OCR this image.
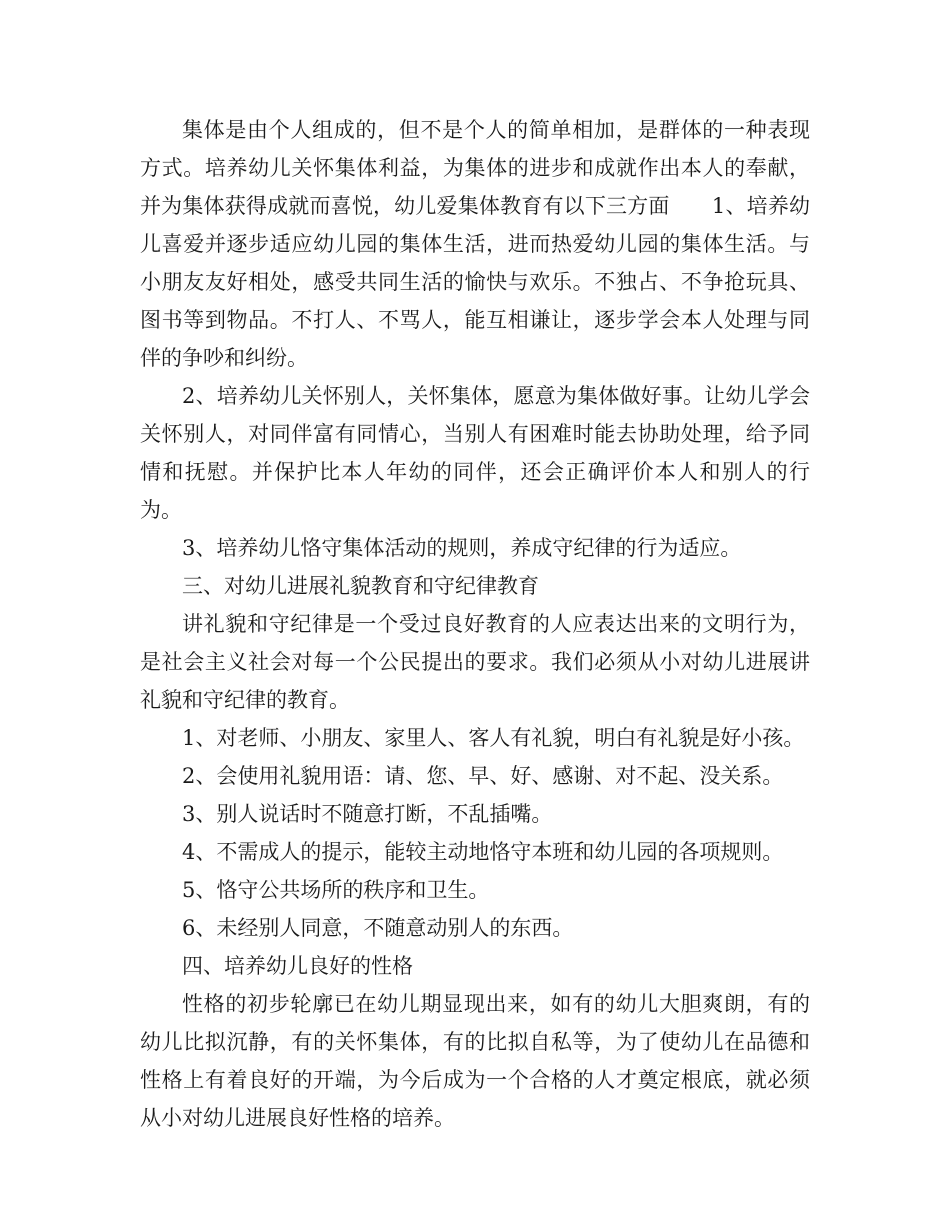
集体是由个人组成的，但不是个人的简单相加，是群体的一种表现方式。培养幼儿关怀集体利益，为集体的进步和成就作出本人的奉献，并为集体获得成就而喜悦，幼儿爱集体教育有以下三方面　　1、培养幼儿喜爱并逐步适应幼儿园的集体生活，进而热爱幼儿园的集体生活。与小朋友友好相处，感受共同生活的愉快与欢乐。不独占、不争抢玩具、图书等到物品。不打人、不骂人，能互相谦让，逐步学会本人处理与同伴的争吵和纠纷。

2、培养幼儿关怀别人，关怀集体，愿意为集体做好事。让幼儿学会关怀别人，对同伴富有同情心，当别人有困难时能去协助处理，给予同情和抚慰。并保护比本人年幼的同伴，还会正确评价本人和别人的行为。

3、培养幼儿恪守集体活动的规则，养成守纪律的行为适应。

三、对幼儿进展礼貌教育和守纪律教育

讲礼貌和守纪律是一个受过良好教育的人应表达出来的文明行为，是社会主义社会对每一个公民提出的要求。我们必须从小对幼儿进展讲礼貌和守纪律的教育。

1、对老师、小朋友、家里人、客人有礼貌，明白有礼貌是好小孩。

2、会使用礼貌用语：请、您、早、好、感谢、对不起、没关系。

3、别人说话时不随意打断，不乱插嘴。

4、不需成人的提示，能较主动地恪守本班和幼儿园的各项规则。

5、恪守公共场所的秩序和卫生。

6、未经别人同意，不随意动别人的东西。

四、培养幼儿良好的性格

性格的初步轮廓已在幼儿期显现出来，如有的幼儿大胆爽朗，有的幼儿比拟沉静，有的关怀集体，有的比拟自私等，为了使幼儿在品德和性格上有着良好的开端，为今后成为一个合格的人才奠定根底，就必须从小对幼儿进展良好性格的培养。
